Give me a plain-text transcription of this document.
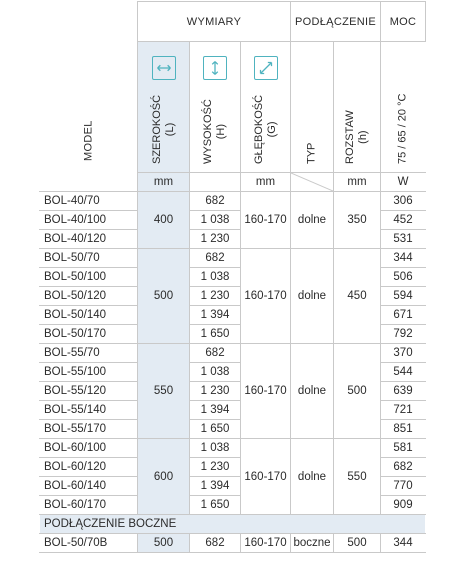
MODEL	WYMIARY			PODŁĄCZENIE		MOC

	SZEROKOŚĆ (L)	WYSOKOŚĆ (H)	GŁĘBOKOŚĆ (G)	TYP	ROZSTAW (h)	75 / 65 / 20 °C

	mm		mm		mm	W
BOL-40/70	400	682	160-170	dolne	350	306
BOL-40/100		1 038				452
BOL-40/120		1 230				531
BOL-50/70	500	682	160-170	dolne	450	344
BOL-50/100		1 038				506
BOL-50/120		1 230				594
BOL-50/140		1 394				671
BOL-50/170		1 650				792
BOL-55/70	550	682	160-170	dolne	500	370
BOL-55/100		1 038				544
BOL-55/120		1 230				639
BOL-55/140		1 394				721
BOL-55/170		1 650				851
BOL-60/100	600	1 038	160-170	dolne	550	581
BOL-60/120		1 230				682
BOL-60/140		1 394				770
BOL-60/170		1 650				909
PODŁĄCZENIE BOCZNE						
BOL-50/70B	500	682	160-170	boczne	500	344
